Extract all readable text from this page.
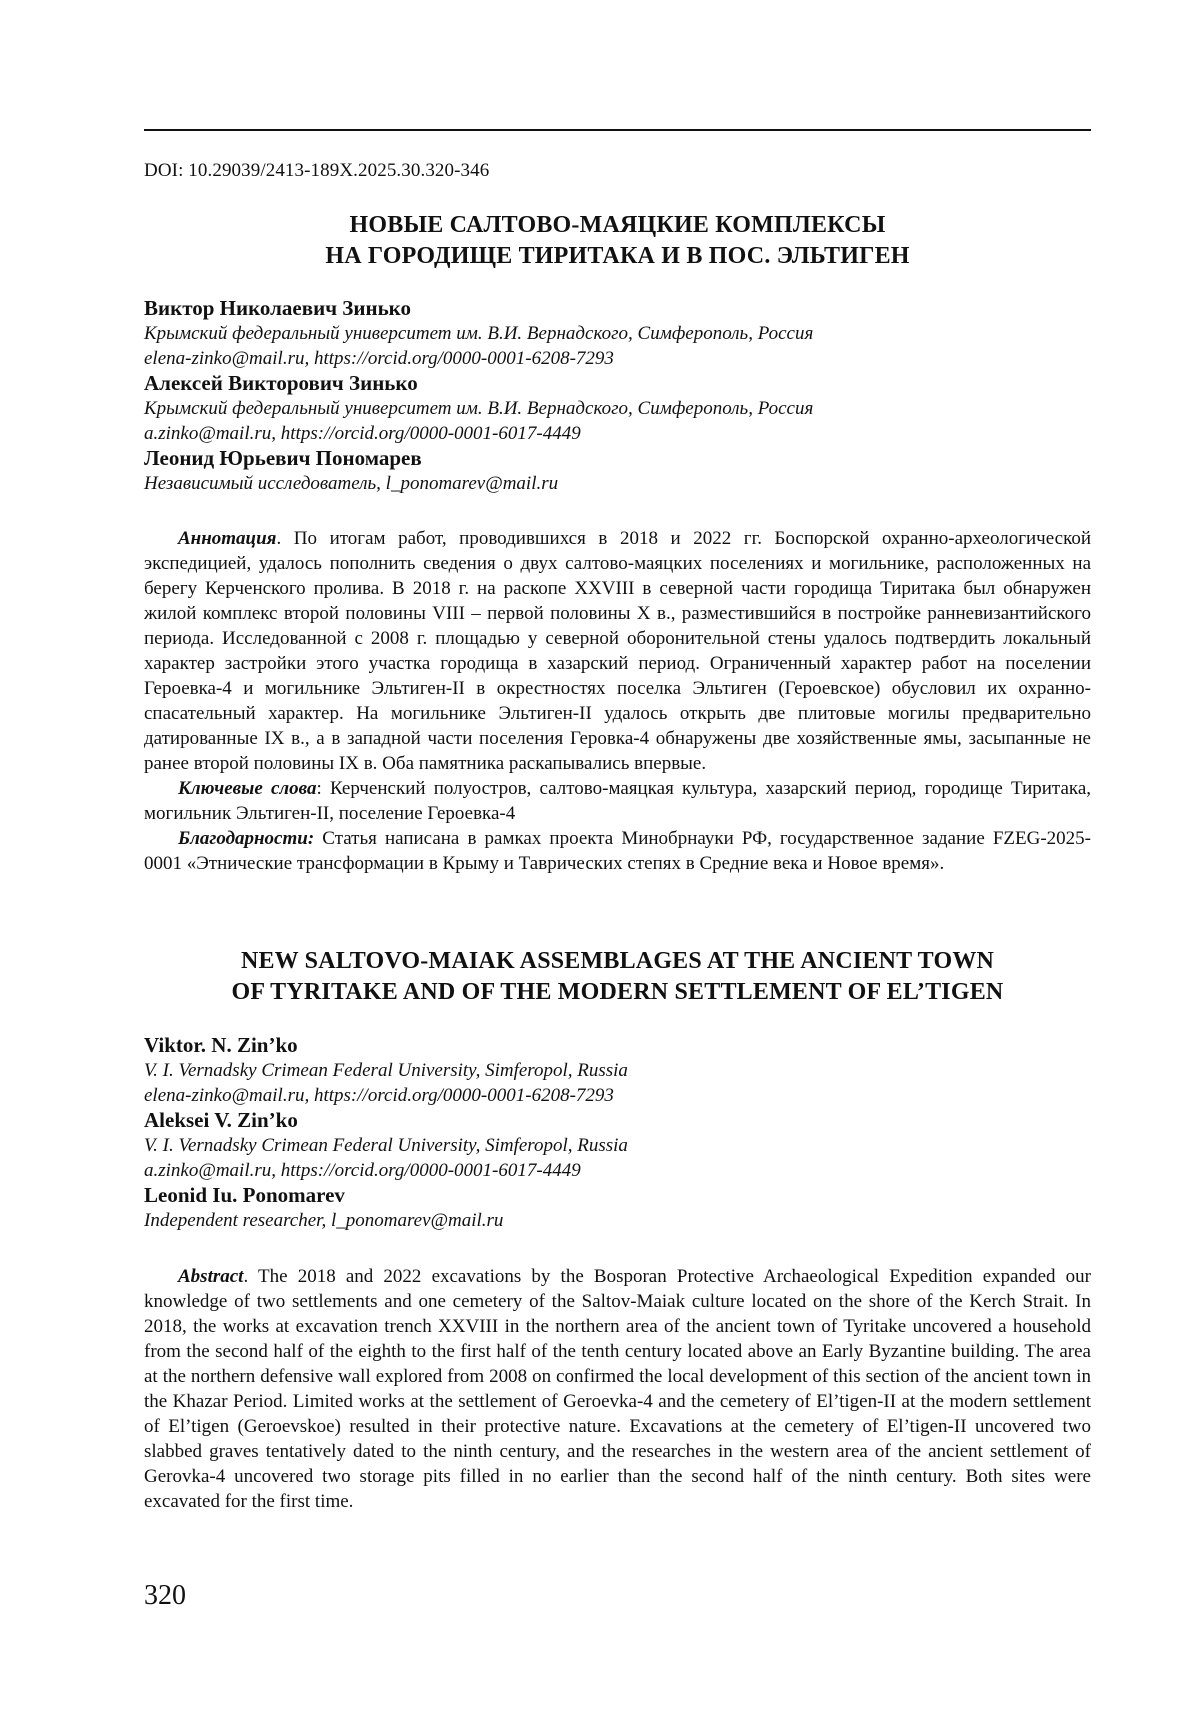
DOI: 10.29039/2413-189X.2025.30.320-346
НОВЫЕ САЛТОВО-МАЯЦКИЕ КОМПЛЕКСЫ
НА ГОРОДИЩЕ ТИРИТАКА И В ПОС. ЭЛЬТИГЕН
Виктор Николаевич Зинько
Крымский федеральный университет им. В.И. Вернадского, Симферополь, Россия
elena-zinko@mail.ru, https://orcid.org/0000-0001-6208-7293
Алексей Викторович Зинько
Крымский федеральный университет им. В.И. Вернадского, Симферополь, Россия
a.zinko@mail.ru, https://orcid.org/0000-0001-6017-4449
Леонид Юрьевич Пономарев
Независимый исследователь, l_ponomarev@mail.ru

Аннотация. По итогам работ, проводившихся в 2018 и 2022 гг. Боспорской охранно-археологической экспедицией, удалось пополнить сведения о двух салтово-маяцких поселениях и могильнике, расположенных на берегу Керченского пролива. В 2018 г. на раскопе XXVIII в северной части городища Тиритака был обнаружен жилой комплекс второй половины VIII – первой половины X в., разместившийся в постройке ранневизантийского периода. Исследованной с 2008 г. площадью у северной оборонительной стены удалось подтвердить локальный характер застройки этого участка городища в хазарский период. Ограниченный характер работ на поселении Героевка-4 и могильнике Эльтиген-II в окрестностях поселка Эльтиген (Героевское) обусловил их охранно-спасательный характер. На могильнике Эльтиген-II удалось открыть две плитовые могилы предварительно датированные IX в., а в западной части поселения Геровка-4 обнаружены две хозяйственные ямы, засыпанные не ранее второй половины IX в. Оба памятника раскапывались впервые.

Ключевые слова: Керченский полуостров, салтово-маяцкая культура, хазарский период, городище Тиритака, могильник Эльтиген-II, поселение Героевка-4

Благодарности: Статья написана в рамках проекта Минобрнауки РФ, государственное задание FZEG-2025-0001 «Этнические трансформации в Крыму и Таврических степях в Средние века и Новое время».

NEW SALTOVO-MAIAK ASSEMBLAGES AT THE ANCIENT TOWN
OF TYRITAKE AND OF THE MODERN SETTLEMENT OF EL’TIGEN
Viktor. N. Zin’ko
V. I. Vernadsky Crimean Federal University, Simferopol, Russia
elena-zinko@mail.ru, https://orcid.org/0000-0001-6208-7293
Aleksei V. Zin’ko
V. I. Vernadsky Crimean Federal University, Simferopol, Russia
a.zinko@mail.ru, https://orcid.org/0000-0001-6017-4449
Leonid Iu. Ponomarev
Independent researcher, l_ponomarev@mail.ru

Abstract. The 2018 and 2022 excavations by the Bosporan Protective Archaeological Expedition expanded our knowledge of two settlements and one cemetery of the Saltov-Maiak culture located on the shore of the Kerch Strait. In 2018, the works at excavation trench XXVIII in the northern area of the ancient town of Tyritake uncovered a household from the second half of the eighth to the first half of the tenth century located above an Early Byzantine building. The area at the northern defensive wall explored from 2008 on confirmed the local development of this section of the ancient town in the Khazar Period. Limited works at the settlement of Geroevka-4 and the cemetery of El’tigen-II at the modern settlement of El’tigen (Geroevskoe) resulted in their protective nature. Excavations at the cemetery of El’tigen-II uncovered two slabbed graves tentatively dated to the ninth century, and the researches in the western area of the ancient settlement of Gerovka-4 uncovered two storage pits filled in no earlier than the second half of the ninth century. Both sites were excavated for the first time.

320
